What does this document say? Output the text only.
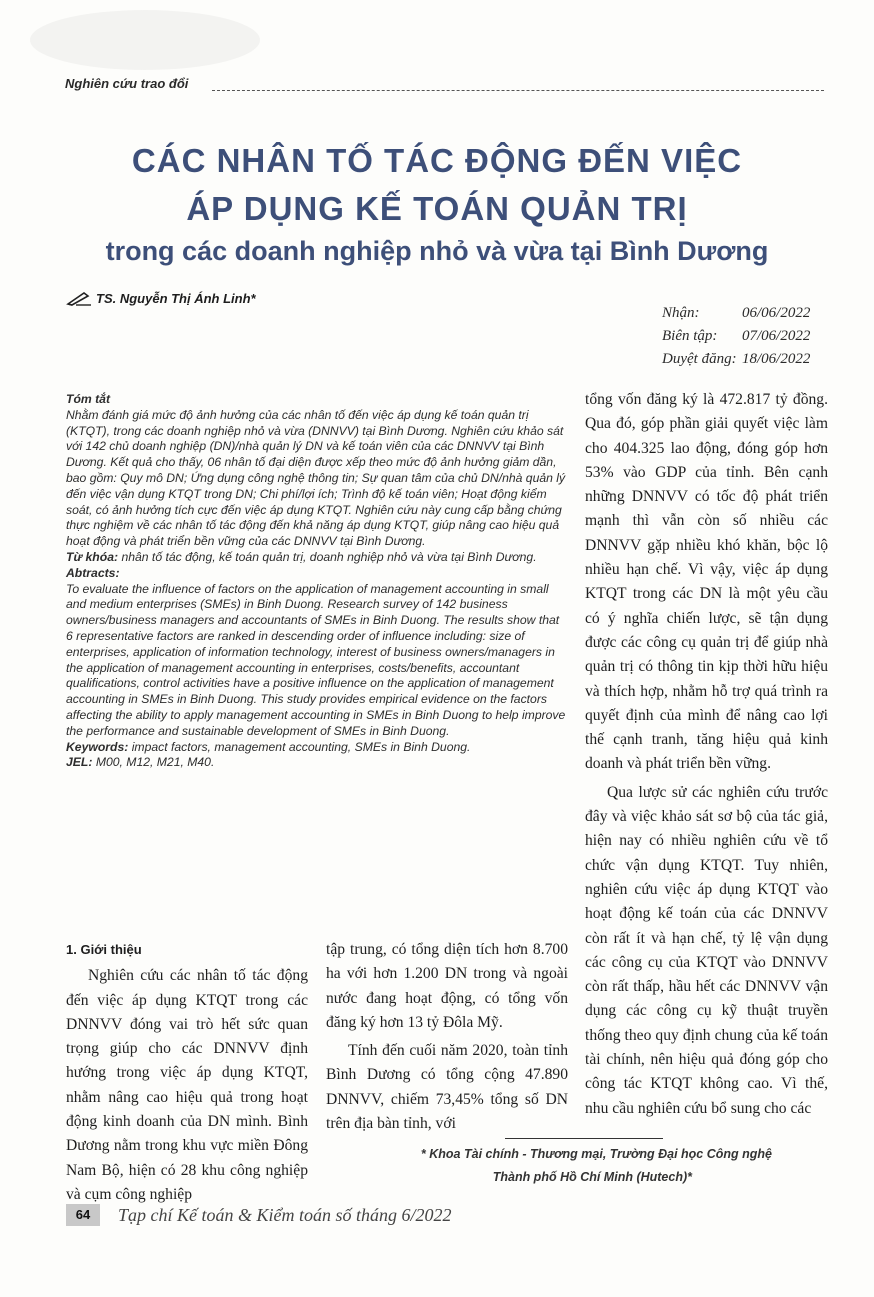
Nghiên cứu trao đổi
CÁC NHÂN TỐ TÁC ĐỘNG ĐẾN VIỆC
ÁP DỤNG KẾ TOÁN QUẢN TRỊ
trong các doanh nghiệp nhỏ và vừa tại Bình Dương
TS. Nguyễn Thị Ánh Linh*
Nhận:	06/06/2022
Biên tập:	07/06/2022
Duyệt đăng: 18/06/2022

Tóm tắt

Nhằm đánh giá mức độ ảnh hưởng của các nhân tố đến việc áp dụng kế toán quản trị (KTQT), trong các doanh nghiệp nhỏ và vừa (DNNVV) tại Bình Dương. Nghiên cứu khảo sát với 142 chủ doanh nghiệp (DN)/nhà quản lý DN và kế toán viên của các DNNVV tại Bình Dương. Kết quả cho thấy, 06 nhân tố đại diện được xếp theo mức độ ảnh hưởng giảm dần, bao gồm: Quy mô DN; Ứng dụng công nghệ thông tin; Sự quan tâm của chủ DN/nhà quản lý đến việc vận dụng KTQT trong DN; Chi phí/lợi ích; Trình độ kế toán viên; Hoạt động kiểm soát, có ảnh hưởng tích cực đến việc áp dụng KTQT. Nghiên cứu này cung cấp bằng chứng thực nghiệm về các nhân tố tác động đến khả năng áp dụng KTQT, giúp nâng cao hiệu quả hoạt động và phát triển bền vững của các DNNVV tại Bình Dương.

Từ khóa: nhân tố tác động, kế toán quản trị, doanh nghiệp nhỏ và vừa tại Bình Dương.

Abtracts:

To evaluate the influence of factors on the application of management accounting in small and medium enterprises (SMEs) in Binh Duong. Research survey of 142 business owners/business managers and accountants of SMEs in Binh Duong. The results show that 6 representative factors are ranked in descending order of influence including: size of enterprises, application of information technology, interest of business owners/managers in the application of management accounting in enterprises, costs/benefits, accountant qualifications, control activities have a positive influence on the application of management accounting in SMEs in Binh Duong. This study provides empirical evidence on the factors affecting the ability to apply management accounting in SMEs in Binh Duong to help improve the performance and sustainable development of SMEs in Binh Duong.

Keywords: impact factors, management accounting, SMEs in Binh Duong.

JEL: M00, M12, M21, M40.

tổng vốn đăng ký là 472.817 tỷ đồng. Qua đó, góp phần giải quyết việc làm cho 404.325 lao động, đóng góp hơn 53% vào GDP của tỉnh. Bên cạnh những DNNVV có tốc độ phát triển mạnh thì vẫn còn số nhiều các DNNVV gặp nhiều khó khăn, bộc lộ nhiều hạn chế. Vì vậy, việc áp dụng KTQT trong các DN là một yêu cầu có ý nghĩa chiến lược, sẽ tận dụng được các công cụ quản trị để giúp nhà quản trị có thông tin kịp thời hữu hiệu và thích hợp, nhằm hỗ trợ quá trình ra quyết định của mình để nâng cao lợi thế cạnh tranh, tăng hiệu quả kinh doanh và phát triển bền vững.

Qua lược sử các nghiên cứu trước đây và việc khảo sát sơ bộ của tác giả, hiện nay có nhiều nghiên cứu về tổ chức vận dụng KTQT. Tuy nhiên, nghiên cứu việc áp dụng KTQT vào hoạt động kế toán của các DNNVV còn rất ít và hạn chế, tỷ lệ vận dụng các công cụ của KTQT vào DNNVV còn rất thấp, hầu hết các DNNVV vận dụng các công cụ kỹ thuật truyền thống theo quy định chung của kế toán tài chính, nên hiệu quả đóng góp cho công tác KTQT không cao. Vì thế, nhu cầu nghiên cứu bổ sung cho các

1. Giới thiệu

Nghiên cứu các nhân tố tác động đến việc áp dụng KTQT trong các DNNVV đóng vai trò hết sức quan trọng giúp cho các DNNVV định hướng trong việc áp dụng KTQT, nhằm nâng cao hiệu quả trong hoạt động kinh doanh của DN mình. Bình Dương nằm trong khu vực miền Đông Nam Bộ, hiện có 28 khu công nghiệp và cụm công nghiệp

tập trung, có tổng diện tích hơn 8.700 ha với hơn 1.200 DN trong và ngoài nước đang hoạt động, có tổng vốn đăng ký hơn 13 tỷ Đôla Mỹ.

Tính đến cuối năm 2020, toàn tỉnh Bình Dương có tổng cộng 47.890 DNNVV, chiếm 73,45% tổng số DN trên địa bàn tỉnh, với

* Khoa Tài chính - Thương mại, Trường Đại học Công nghệ
Thành phố Hồ Chí Minh (Hutech)*
64	Tạp chí Kế toán & Kiểm toán số tháng 6/2022
